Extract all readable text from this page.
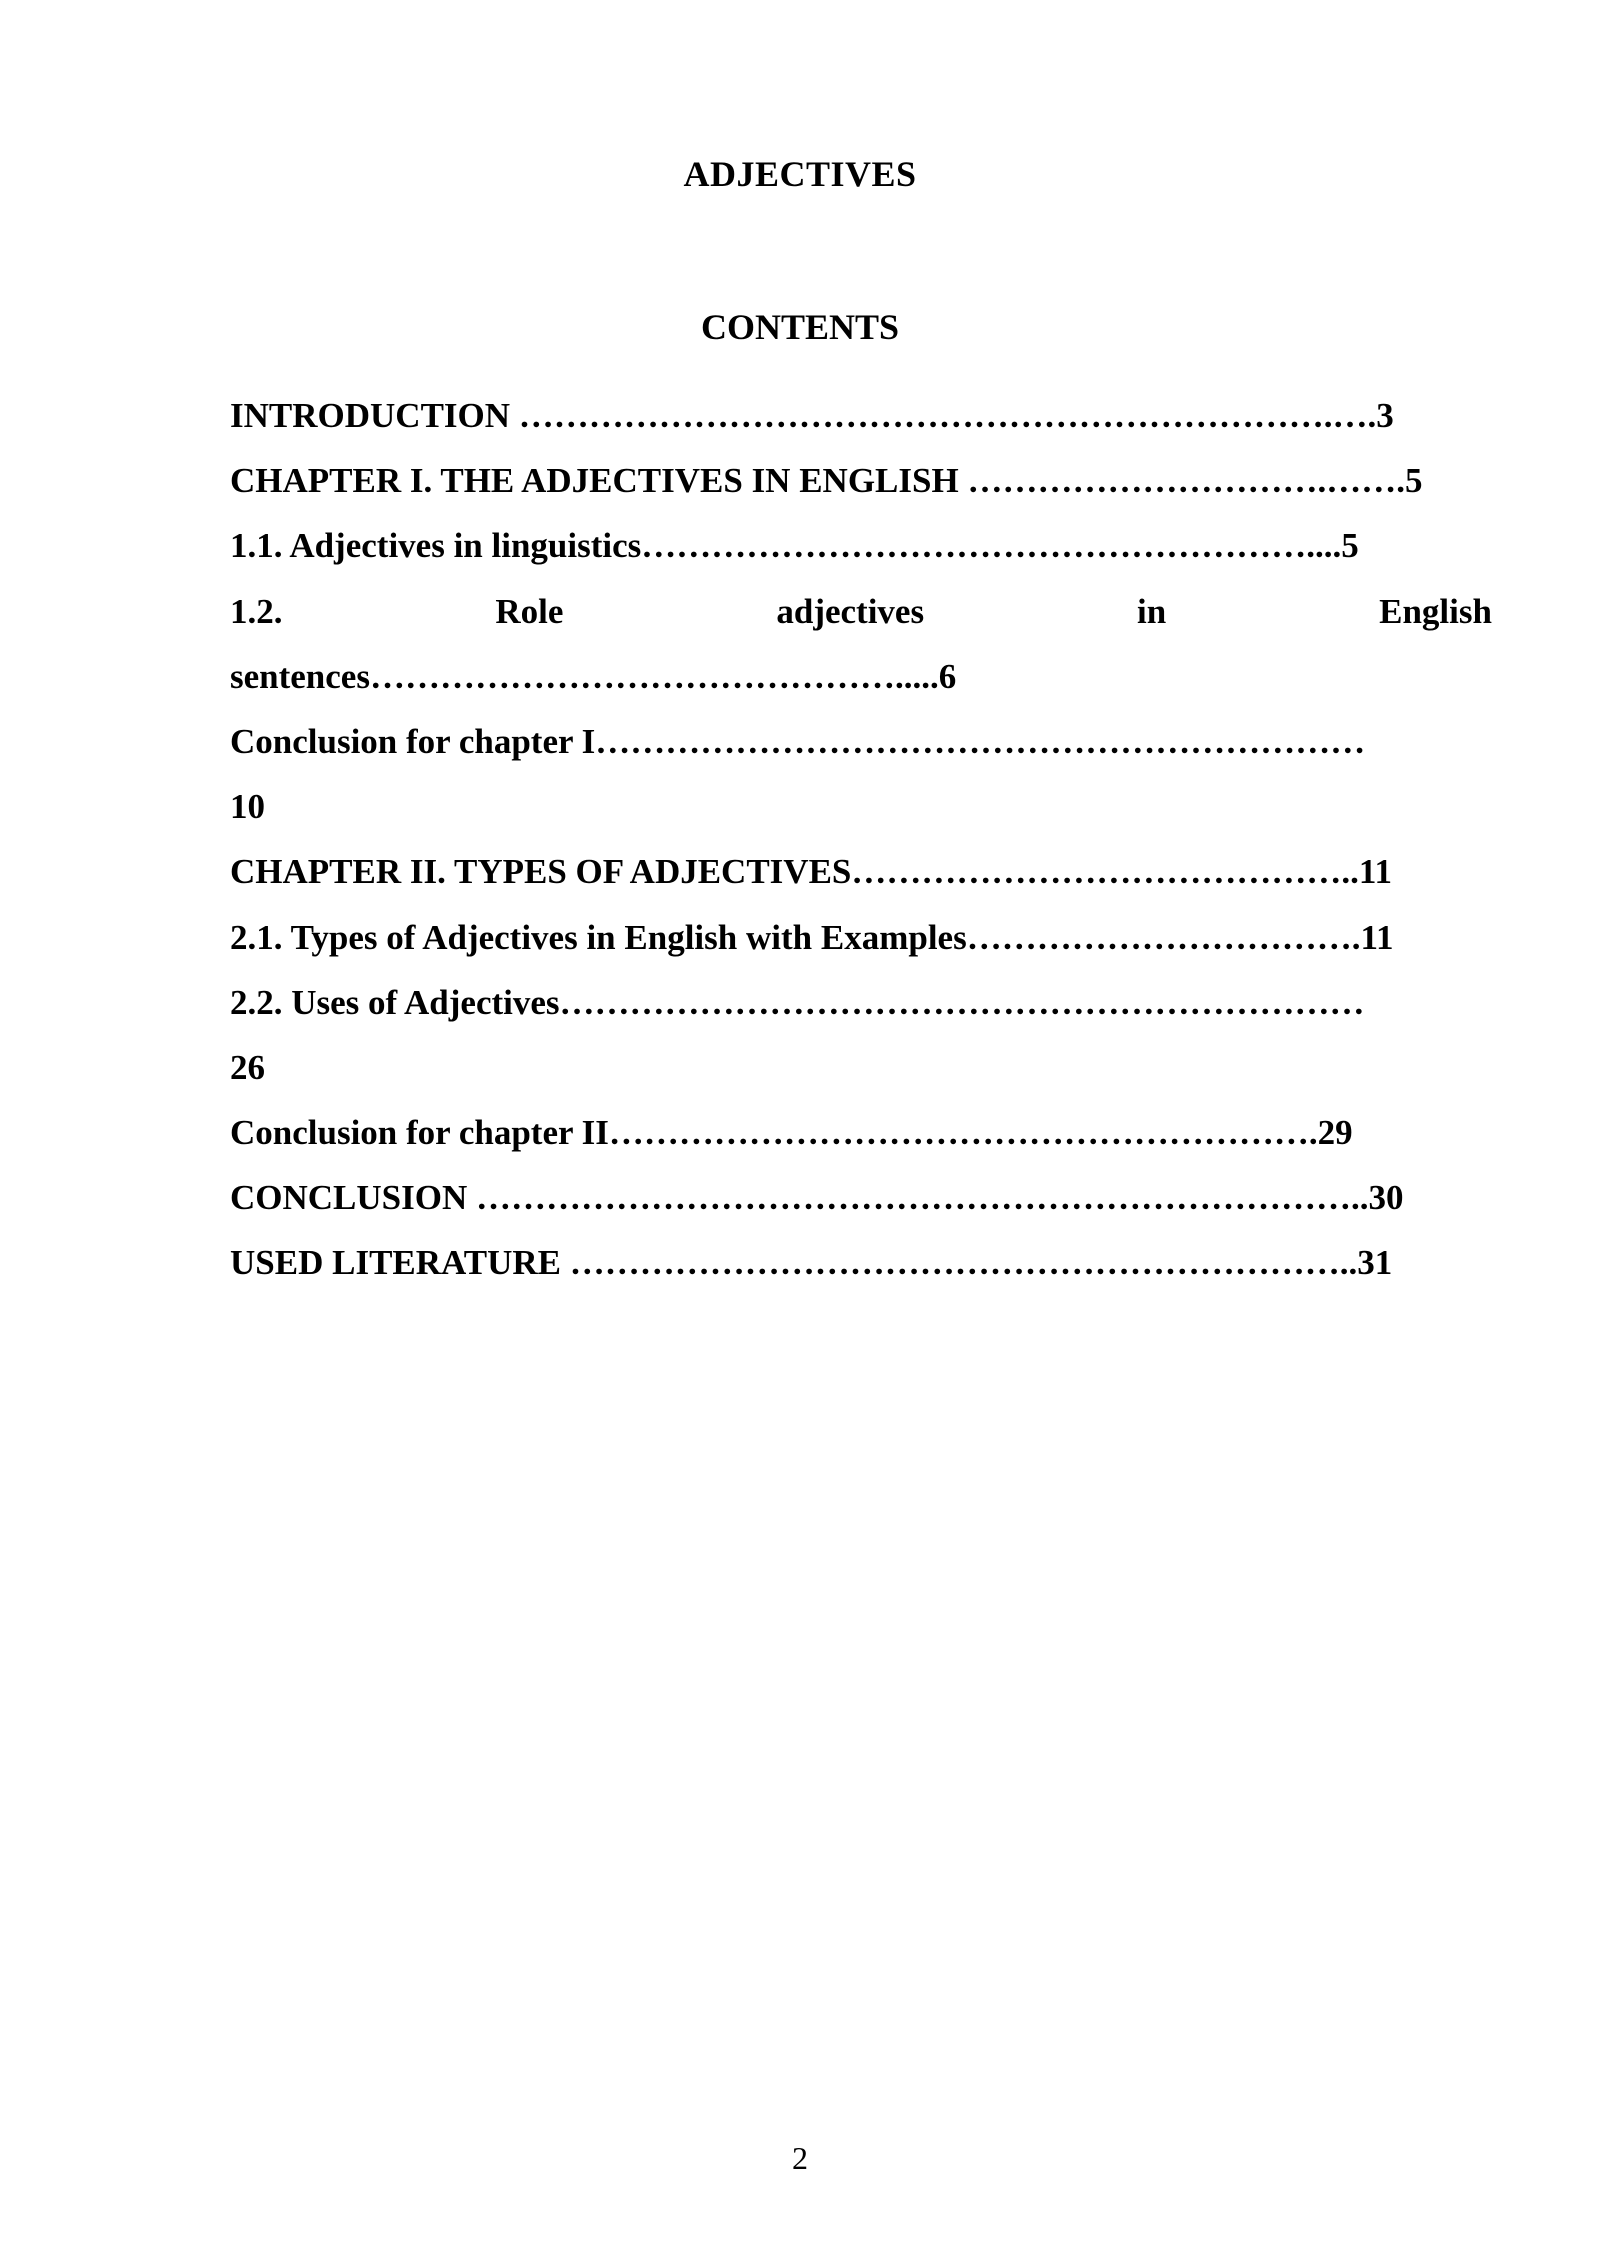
ADJECTIVES
CONTENTS
INTRODUCTION …………………………………………………………….….3
CHAPTER I. THE ADJECTIVES IN ENGLISH ………………………….…….5
1.1. Adjectives in linguistics…………………………………………………....5
1.2.	Role	adjectives	in	English
sentences……………………………………….....6
Conclusion for chapter I…………………………………………………………
10
CHAPTER II. TYPES OF ADJECTIVES……………………………………..11
2.1. Types of Adjectives in English with Examples…………………………….11
2.2. Uses of Adjectives……………………………………………………………
26
Conclusion for chapter II…………………………………………………….29
CONCLUSION …………………………………………………………………..30
USED LITERATURE …………………………………………………………..31
2
